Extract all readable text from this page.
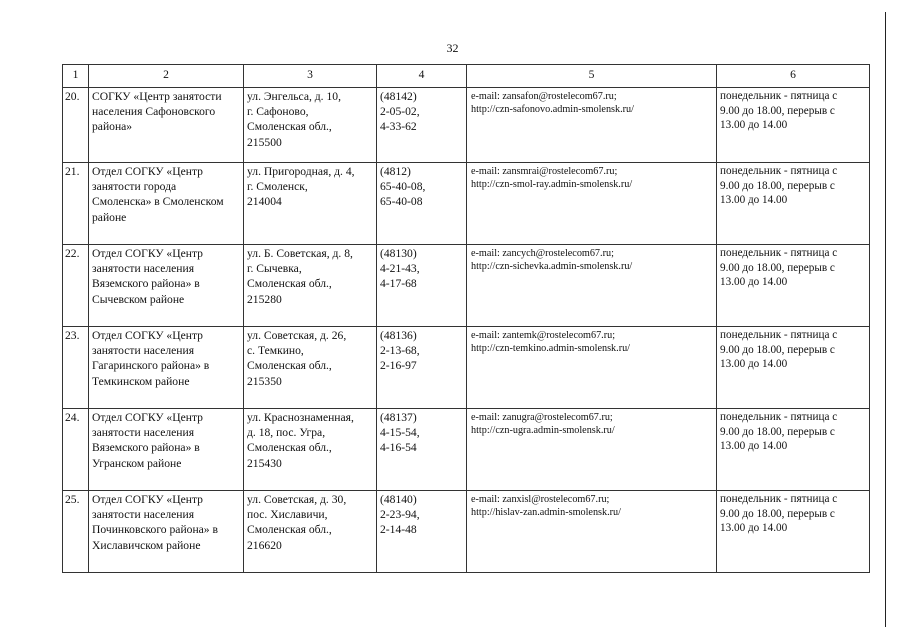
32
1	2	3	4	5	6
20.	СОГКУ «Центр занятости
населения Сафоновского
района»	ул. Энгельса, д. 10,
г. Сафоново,
Смоленская обл.,
215500	(48142)
2-05-02,
4-33-62	e-mail: zansafon@rostelecom67.ru;
http://czn-safonovo.admin-smolensk.ru/	понедельник - пятница с
9.00 до 18.00, перерыв с
13.00 до 14.00

21.	Отдел СОГКУ «Центр
занятости города
Смоленска» в Смоленском
районе	ул. Пригородная, д. 4,
г. Смоленск,
214004	(4812)
65-40-08,
65-40-08	e-mail: zansmrai@rostelecom67.ru;
http://czn-smol-ray.admin-smolensk.ru/	понедельник - пятница с
9.00 до 18.00, перерыв с
13.00 до 14.00

22.	Отдел СОГКУ «Центр
занятости населения
Вяземского района» в
Сычевском районе	ул. Б. Советская, д. 8,
г. Сычевка,
Смоленская обл.,
215280	(48130)
4-21-43,
4-17-68	e-mail: zancych@rostelecom67.ru;
http://czn-sichevka.admin-smolensk.ru/	понедельник - пятница с
9.00 до 18.00, перерыв с
13.00 до 14.00

23.	Отдел СОГКУ «Центр
занятости населения
Гагаринского района» в
Темкинском районе	ул. Советская, д. 26,
с. Темкино,
Смоленская обл.,
215350	(48136)
2-13-68,
2-16-97	e-mail: zantemk@rostelecom67.ru;
http://czn-temkino.admin-smolensk.ru/	понедельник - пятница с
9.00 до 18.00, перерыв с
13.00 до 14.00

24.	Отдел СОГКУ «Центр
занятости населения
Вяземского района» в
Угранском районе	ул. Краснознаменная,
д. 18, пос. Угра,
Смоленская обл.,
215430	(48137)
4-15-54,
4-16-54	e-mail: zanugra@rostelecom67.ru;
http://czn-ugra.admin-smolensk.ru/	понедельник - пятница с
9.00 до 18.00, перерыв с
13.00 до 14.00

25.	Отдел СОГКУ «Центр
занятости населения
Починковского района» в
Хиславичском районе	ул. Советская, д. 30,
пос. Хиславичи,
Смоленская обл.,
216620	(48140)
2-23-94,
2-14-48	e-mail: zanxisl@rostelecom67.ru;
http://hislav-zan.admin-smolensk.ru/	понедельник - пятница с
9.00 до 18.00, перерыв с
13.00 до 14.00
